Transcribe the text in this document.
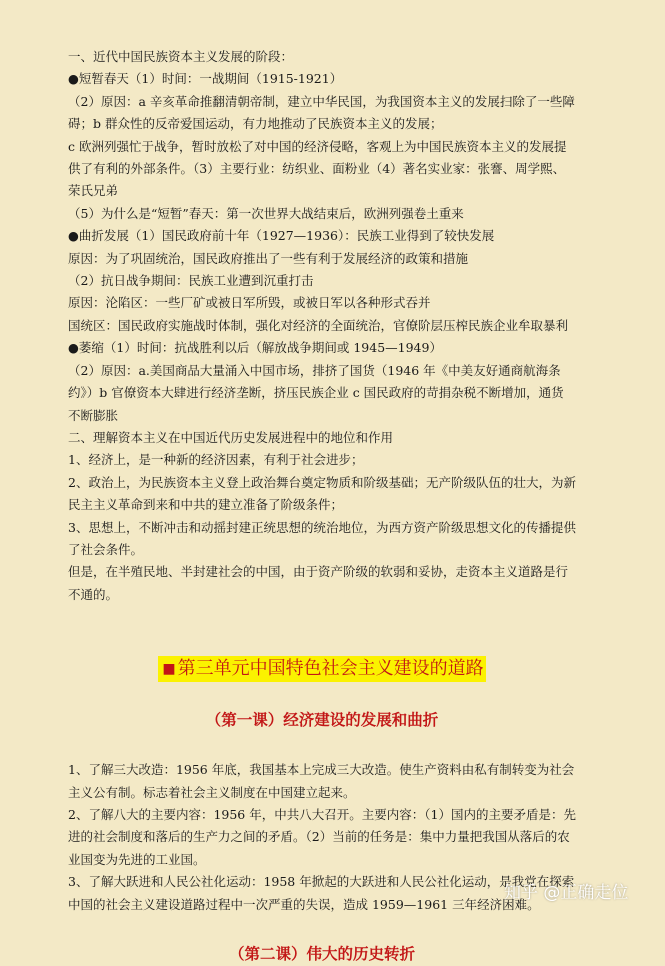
一、近代中国民族资本主义发展的阶段：

●短暂春天（1）时间：一战期间（1915-1921）

（2）原因：a 辛亥革命推翻清朝帝制，建立中华民国，为我国资本主义的发展扫除了一些障碍；b 群众性的反帝爱国运动，有力地推动了民族资本主义的发展；

c 欧洲列强忙于战争，暂时放松了对中国的经济侵略，客观上为中国民族资本主义的发展提供了有利的外部条件。（3）主要行业：纺织业、面粉业（4）著名实业家：张謇、周学熙、荣氏兄弟

（5）为什么是“短暂”春天：第一次世界大战结束后，欧洲列强卷土重来

●曲折发展（1）国民政府前十年（1927—1936）：民族工业得到了较快发展

原因：为了巩固统治，国民政府推出了一些有利于发展经济的政策和措施

（2）抗日战争期间：民族工业遭到沉重打击

原因：沦陷区：一些厂矿或被日军所毁，或被日军以各种形式吞并

国统区：国民政府实施战时体制，强化对经济的全面统治，官僚阶层压榨民族企业牟取暴利

●萎缩（1）时间：抗战胜利以后（解放战争期间或 1945—1949）

（2）原因：a.美国商品大量涌入中国市场，排挤了国货（1946 年《中美友好通商航海条约》）b 官僚资本大肆进行经济垄断，挤压民族企业 c 国民政府的苛捐杂税不断增加，通货不断膨胀

二、理解资本主义在中国近代历史发展进程中的地位和作用

1、经济上，是一种新的经济因素，有利于社会进步；

2、政治上，为民族资本主义登上政治舞台奠定物质和阶级基础；无产阶级队伍的壮大，为新民主主义革命到来和中共的建立准备了阶级条件；

3、思想上，不断冲击和动摇封建正统思想的统治地位，为西方资产阶级思想文化的传播提供了社会条件。

但是，在半殖民地、半封建社会的中国，由于资产阶级的软弱和妥协，走资本主义道路是行不通的。

■ 第三单元中国特色社会主义建设的道路

（第一课）经济建设的发展和曲折

1、了解三大改造：1956 年底，我国基本上完成三大改造。使生产资料由私有制转变为社会主义公有制。标志着社会主义制度在中国建立起来。

2、了解八大的主要内容：1956 年，中共八大召开。主要内容：（1）国内的主要矛盾是：先进的社会制度和落后的生产力之间的矛盾。（2）当前的任务是：集中力量把我国从落后的农业国变为先进的工业国。

3、了解大跃进和人民公社化运动：1958 年掀起的大跃进和人民公社化运动，是我党在探索中国的社会主义建设道路过程中一次严重的失误，造成 1959—1961 三年经济困难。

（第二课）伟大的历史转折

知乎 @正确走位
